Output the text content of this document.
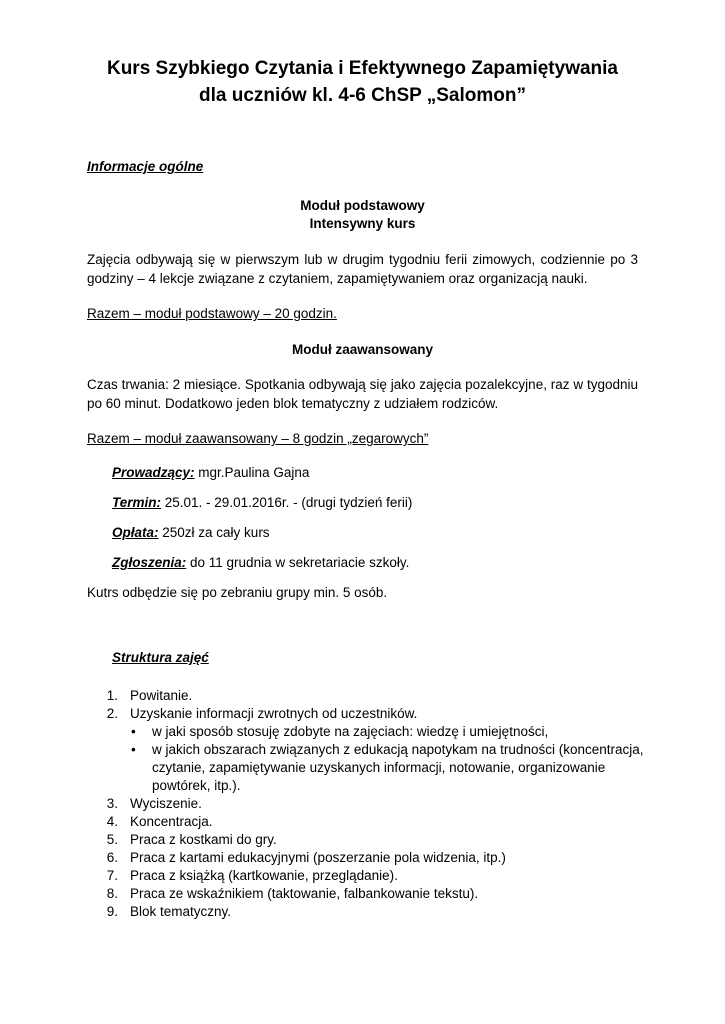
Kurs Szybkiego Czytania i Efektywnego Zapamiętywania
dla uczniów kl. 4-6 ChSP „Salomon”
Informacje ogólne
Moduł podstawowy
Intensywny kurs
Zajęcia odbywają się w pierwszym lub w drugim tygodniu ferii zimowych, codziennie po 3 godziny – 4 lekcje związane z czytaniem, zapamiętywaniem oraz organizacją nauki.
Razem – moduł podstawowy – 20 godzin.
Moduł zaawansowany
Czas trwania: 2 miesiące. Spotkania odbywają się jako zajęcia pozalekcyjne, raz w tygodniu po 60 minut. Dodatkowo jeden blok tematyczny z udziałem rodziców.
Razem – moduł zaawansowany – 8 godzin „zegarowych”
Prowadzący: mgr.Paulina Gajna
Termin: 25.01. - 29.01.2016r. - (drugi tydzień ferii)
Opłata: 250zł za cały kurs
Zgłoszenia: do 11 grudnia w sekretariacie szkoły.
Kutrs odbędzie się po zebraniu grupy min. 5 osób.
Struktura zajęć
1. Powitanie.
2. Uzyskanie informacji zwrotnych od uczestników.
• w jaki sposób stosuję zdobyte na zajęciach: wiedzę i umiejętności,
• w jakich obszarach związanych z edukacją napotykam na trudności (koncentracja,
czytanie, zapamiętywanie uzyskanych informacji, notowanie, organizowanie
powtórek, itp.).
3. Wyciszenie.
4. Koncentracja.
5. Praca z kostkami do gry.
6. Praca z kartami edukacyjnymi (poszerzanie pola widzenia, itp.)
7. Praca z książką (kartkowanie, przeglądanie).
8. Praca ze wskaźnikiem (taktowanie, falbankowanie tekstu).
9. Blok tematyczny.
